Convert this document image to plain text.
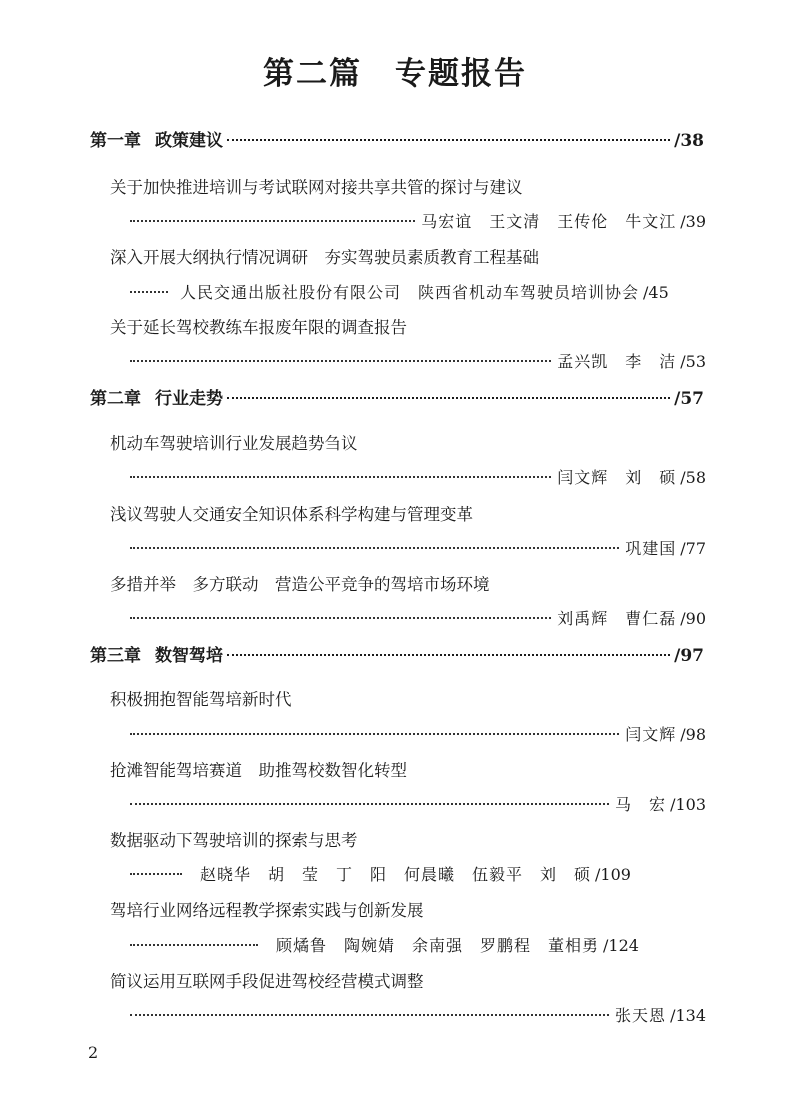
第二篇　专题报告
第一章 政策建议	/38
关于加快推进培训与考试联网对接共享共管的探讨与建议
马宏谊　王文清　王传伦　牛文江 /39
深入开展大纲执行情况调研　夯实驾驶员素质教育工程基础
人民交通出版社股份有限公司　陕西省机动车驾驶员培训协会 /45
关于延长驾校教练车报废年限的调查报告
孟兴凯　李　洁 /53
第二章 行业走势	/57
机动车驾驶培训行业发展趋势刍议
闫文辉　刘　硕 /58
浅议驾驶人交通安全知识体系科学构建与管理变革
巩建国 /77
多措并举　多方联动　营造公平竞争的驾培市场环境
刘禹辉　曹仁磊 /90
第三章 数智驾培	/97
积极拥抱智能驾培新时代
闫文辉 /98
抢滩智能驾培赛道　助推驾校数智化转型
马　宏 /103
数据驱动下驾驶培训的探索与思考
赵晓华　胡　莹　丁　阳　何晨曦　伍毅平　刘　硕 /109
驾培行业网络远程教学探索实践与创新发展
顾燏鲁　陶婉婧　余南强　罗鹏程　董相勇 /124
简议运用互联网手段促进驾校经营模式调整
张天恩 /134
2
